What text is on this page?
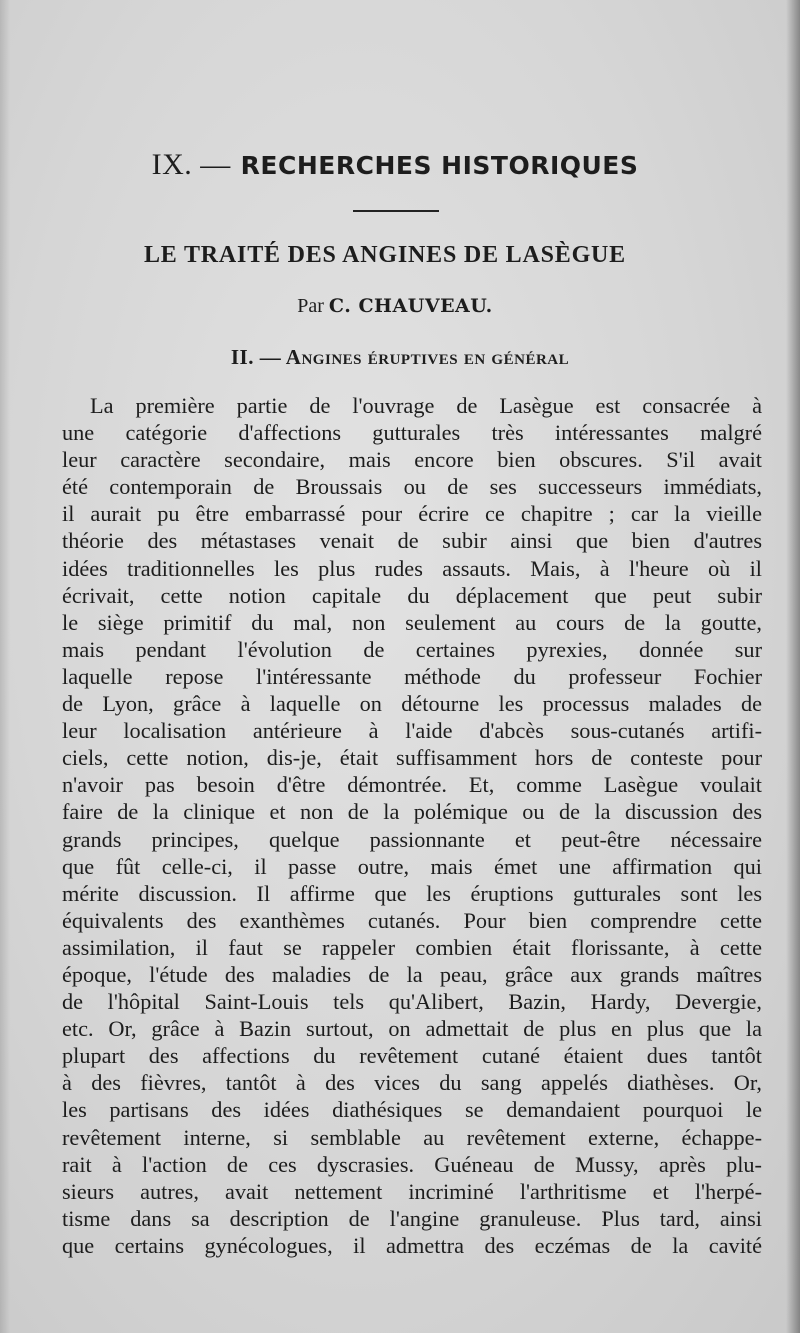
IX. — RECHERCHES HISTORIQUES
LE TRAITÉ DES ANGINES DE LASÈGUE
Par C. CHAUVEAU.
II. — Angines éruptives en général
La première partie de l'ouvrage de Lasègue est consacrée à
une catégorie d'affections gutturales très intéressantes malgré
leur caractère secondaire, mais encore bien obscures. S'il avait
été contemporain de Broussais ou de ses successeurs immédiats,
il aurait pu être embarrassé pour écrire ce chapitre ; car la vieille
théorie des métastases venait de subir ainsi que bien d'autres
idées traditionnelles les plus rudes assauts. Mais, à l'heure où il
écrivait, cette notion capitale du déplacement que peut subir
le siège primitif du mal, non seulement au cours de la goutte,
mais pendant l'évolution de certaines pyrexies, donnée sur
laquelle repose l'intéressante méthode du professeur Fochier
de Lyon, grâce à laquelle on détourne les processus malades de
leur localisation antérieure à l'aide d'abcès sous-cutanés artifi-
ciels, cette notion, dis-je, était suffisamment hors de conteste pour
n'avoir pas besoin d'être démontrée. Et, comme Lasègue voulait
faire de la clinique et non de la polémique ou de la discussion des
grands principes, quelque passionnante et peut-être nécessaire
que fût celle-ci, il passe outre, mais émet une affirmation qui
mérite discussion. Il affirme que les éruptions gutturales sont les
équivalents des exanthèmes cutanés. Pour bien comprendre cette
assimilation, il faut se rappeler combien était florissante, à cette
époque, l'étude des maladies de la peau, grâce aux grands maîtres
de l'hôpital Saint-Louis tels qu'Alibert, Bazin, Hardy, Devergie,
etc. Or, grâce à Bazin surtout, on admettait de plus en plus que la
plupart des affections du revêtement cutané étaient dues tantôt
à des fièvres, tantôt à des vices du sang appelés diathèses. Or,
les partisans des idées diathésiques se demandaient pourquoi le
revêtement interne, si semblable au revêtement externe, échappe-
rait à l'action de ces dyscrasies. Guéneau de Mussy, après plu-
sieurs autres, avait nettement incriminé l'arthritisme et l'herpé-
tisme dans sa description de l'angine granuleuse. Plus tard, ainsi
que certains gynécologues, il admettra des eczémas de la cavité
